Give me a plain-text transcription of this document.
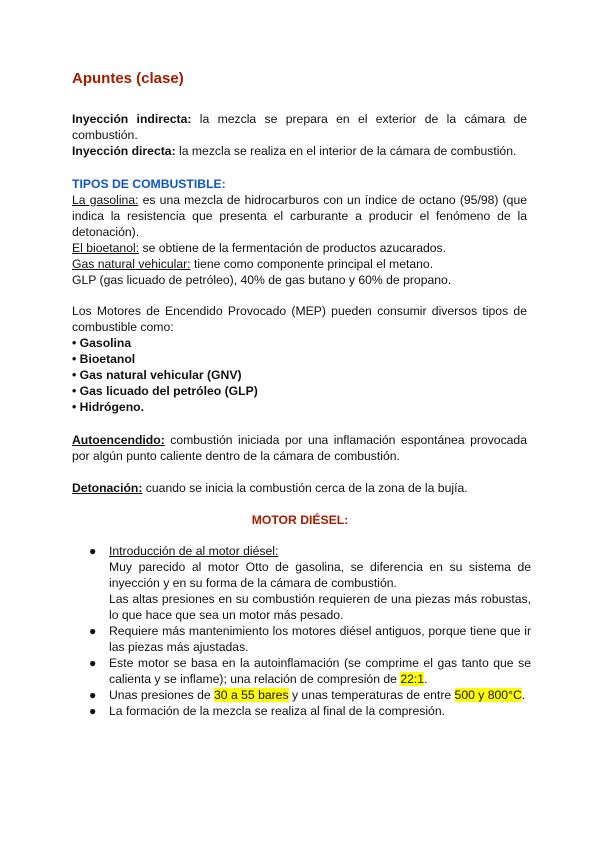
Apuntes (clase)
Inyección indirecta: la mezcla se prepara en el exterior de la cámara de combustión.
Inyección directa: la mezcla se realiza en el interior de la cámara de combustión.
TIPOS DE COMBUSTIBLE:
La gasolina: es una mezcla de hidrocarburos con un índice de octano (95/98) (que indica la resistencia que presenta el carburante a producir el fenómeno de la detonación).
El bioetanol: se obtiene de la fermentación de productos azucarados.
Gas natural vehicular: tiene como componente principal el metano.
GLP (gas licuado de petróleo), 40% de gas butano y 60% de propano.
Los Motores de Encendido Provocado (MEP) pueden consumir diversos tipos de combustible como:
• Gasolina
• Bioetanol
• Gas natural vehicular (GNV)
• Gas licuado del petróleo (GLP)
• Hidrógeno.
Autoencendido: combustión iniciada por una inflamación espontánea provocada por algún punto caliente dentro de la cámara de combustión.
Detonación: cuando se inicia la combustión cerca de la zona de la bujía.
MOTOR DIÉSEL:
● Introducción de al motor diésel:
Muy parecido al motor Otto de gasolina, se diferencia en su sistema de inyección y en su forma de la cámara de combustión.
Las altas presiones en su combustión requieren de una piezas más robustas, lo que hace que sea un motor más pesado.
● Requiere más mantenimiento los motores diésel antiguos, porque tiene que ir las piezas más ajustadas.
● Este motor se basa en la autoinflamación (se comprime el gas tanto que se calienta y se inflame); una relación de compresión de 22:1.
● Unas presiones de 30 a 55 bares y unas temperaturas de entre 500 y 800°C.
● La formación de la mezcla se realiza al final de la compresión.
